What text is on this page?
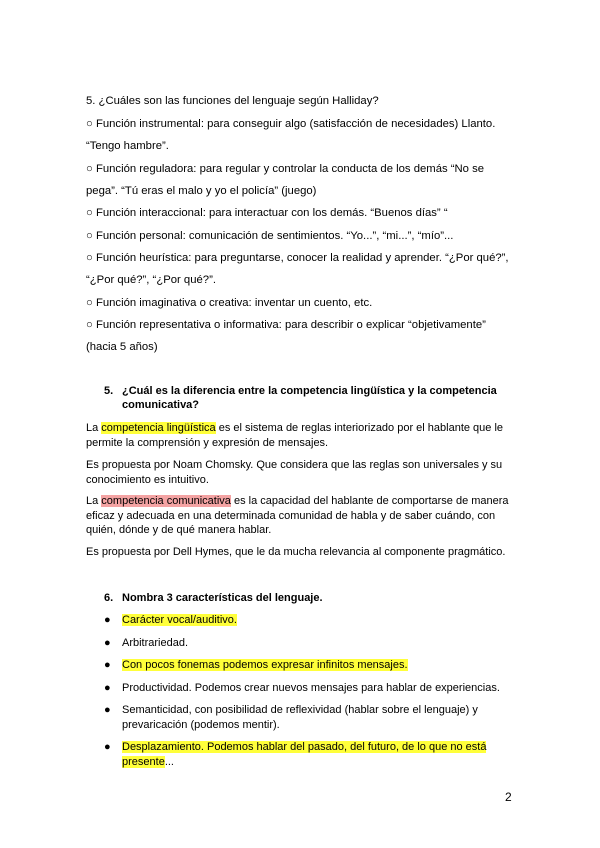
5. ¿Cuáles son las funciones del lenguaje según Halliday?
○ Función instrumental: para conseguir algo (satisfacción de necesidades) Llanto.
“Tengo hambre”.
○ Función reguladora: para regular y controlar la conducta de los demás “No se
pega”. “Tú eras el malo y yo el policía” (juego)
○ Función interaccional: para interactuar con los demás. “Buenos días” “
○ Función personal: comunicación de sentimientos. “Yo...”, “mi...”, “mío”...
○ Función heurística: para preguntarse, conocer la realidad y aprender. “¿Por qué?”,
“¿Por qué?”, “¿Por qué?”.
○ Función imaginativa o creativa: inventar un cuento, etc.
○ Función representativa o informativa: para describir o explicar “objetivamente”
(hacia 5 años)
5. ¿Cuál es la diferencia entre la competencia lingüística y la competencia comunicativa?
La competencia lingüística es el sistema de reglas interiorizado por el hablante que le permite la comprensión y expresión de mensajes.
Es propuesta por Noam Chomsky. Que considera que las reglas son universales y su conocimiento es intuitivo.
La competencia comunicativa es la capacidad del hablante de comportarse de manera eficaz y adecuada en una determinada comunidad de habla y de saber cuándo, con quién, dónde y de qué manera hablar.
Es propuesta por Dell Hymes, que le da mucha relevancia al componente pragmático.
6. Nombra 3 características del lenguaje.
●	Carácter vocal/auditivo.
●	Arbitrariedad.
●	Con pocos fonemas podemos expresar infinitos mensajes.
●	Productividad. Podemos crear nuevos mensajes para hablar de experiencias.
●	Semanticidad, con posibilidad de reflexividad (hablar sobre el lenguaje) y prevaricación (podemos mentir).
●	Desplazamiento. Podemos hablar del pasado, del futuro, de lo que no está presente...
2
